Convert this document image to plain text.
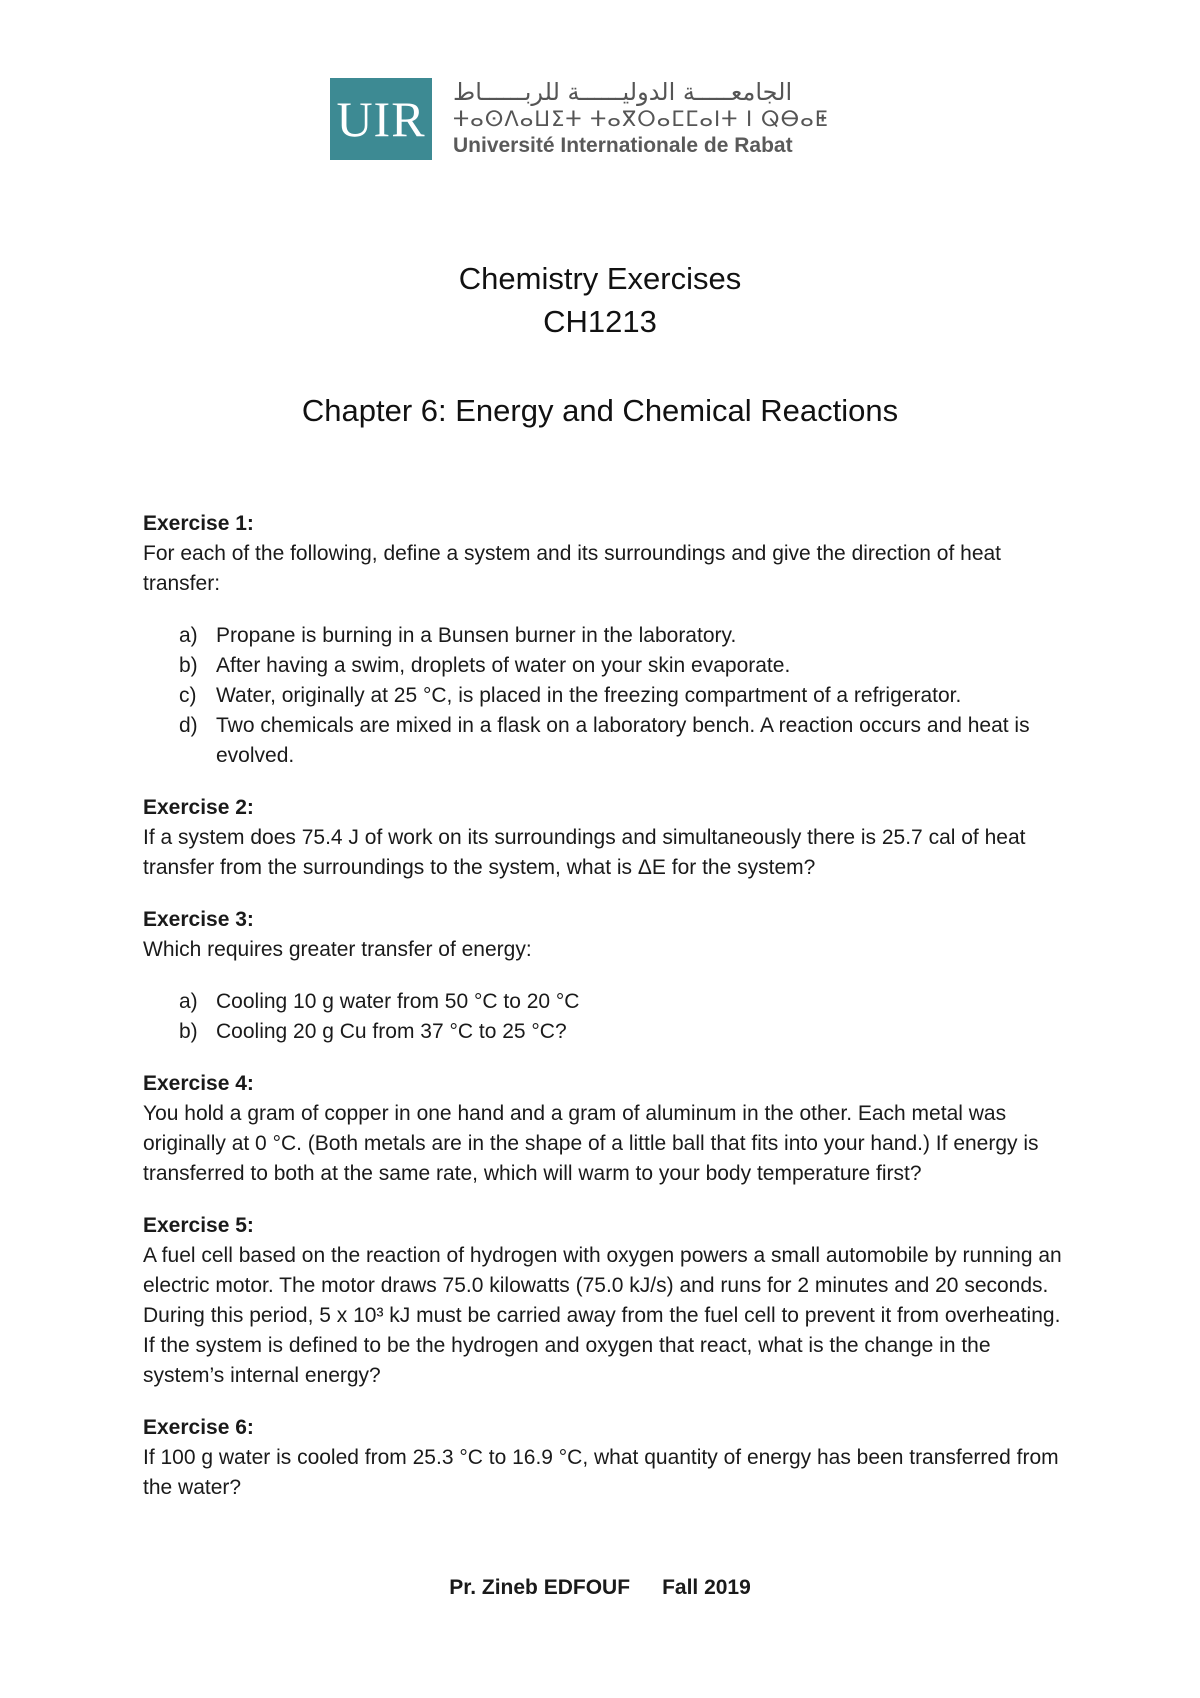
UIR الجامعـــــة الدوليــــــة للربــــــاط
ⵜⴰⵙⴷⴰⵡⵉⵜ ⵜⴰⴳⵔⴰⵎⵎⴰⵏⵜ ⵏ ⵕⴱⴰⵟ
Université Internationale de Rabat
Chemistry Exercises
CH1213
Chapter 6: Energy and Chemical Reactions
Exercise 1:

For each of the following, define a system and its surroundings and give the direction of heat transfer:

a) Propane is burning in a Bunsen burner in the laboratory.
b) After having a swim, droplets of water on your skin evaporate.
c) Water, originally at 25 °C, is placed in the freezing compartment of a refrigerator.
d) Two chemicals are mixed in a flask on a laboratory bench. A reaction occurs and heat is evolved.
Exercise 2:

If a system does 75.4 J of work on its surroundings and simultaneously there is 25.7 cal of heat transfer from the surroundings to the system, what is ΔE for the system?

Exercise 3:

Which requires greater transfer of energy:

a) Cooling 10 g water from 50 °C to 20 °C
b) Cooling 20 g Cu from 37 °C to 25 °C?
Exercise 4:

You hold a gram of copper in one hand and a gram of aluminum in the other. Each metal was originally at 0 °C. (Both metals are in the shape of a little ball that fits into your hand.) If energy is transferred to both at the same rate, which will warm to your body temperature first?

Exercise 5:

A fuel cell based on the reaction of hydrogen with oxygen powers a small automobile by running an electric motor. The motor draws 75.0 kilowatts (75.0 kJ/s) and runs for 2 minutes and 20 seconds. During this period, 5 x 10³ kJ must be carried away from the fuel cell to prevent it from overheating. If the system is defined to be the hydrogen and oxygen that react, what is the change in the system’s internal energy?

Exercise 6:

If 100 g water is cooled from 25.3 °C to 16.9 °C, what quantity of energy has been transferred from the water?

Pr. Zineb EDFOUF Fall 2019
